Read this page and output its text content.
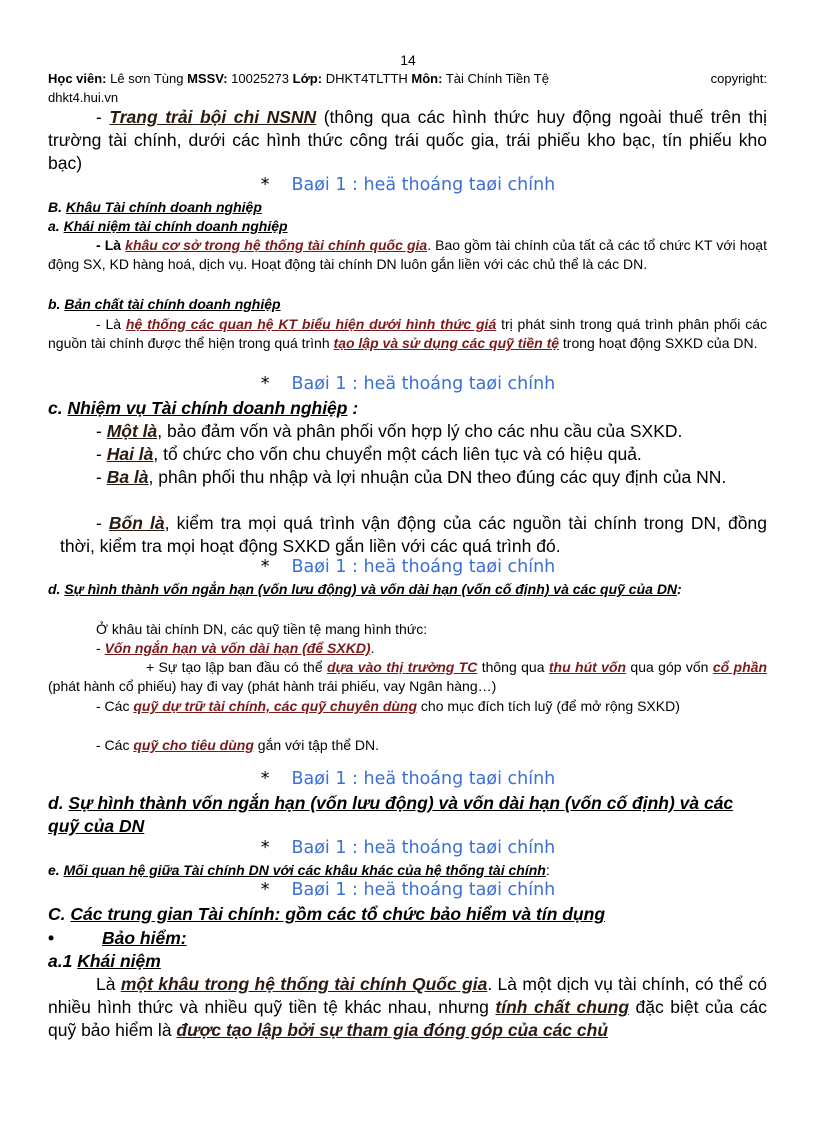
14
Học viên: Lê sơn Tùng MSSV: 10025273 Lớp: DHKT4TLTTH Môn: Tài Chính Tiền Tệ	copyright:

dhkt4.hui.vn
- Trang trải bội chi NSNN (thông qua các hình thức huy động ngoài thuế trên thị trường tài chính, dưới các hình thức công trái quốc gia, trái phiếu kho bạc, tín phiếu kho bạc)
* Baøi 1 : heä thoáng taøi chính
B. Khâu Tài chính doanh nghiệp
a. Khái niệm tài chính doanh nghiệp
- Là khâu cơ sở trong hệ thống tài chính quốc gia. Bao gồm tài chính của tất cả các tổ chức KT với hoạt động SX, KD hàng hoá, dịch vụ. Hoạt động tài chính DN luôn gắn liền với các chủ thể là các DN.
b. Bản chất tài chính doanh nghiệp
- Là hệ thống các quan hệ KT biểu hiện dưới hình thức giá trị phát sinh trong quá trình phân phối các nguồn tài chính được thể hiện trong quá trình tạo lập và sử dụng các quỹ tiền tệ trong hoạt động SXKD của DN.
* Baøi 1 : heä thoáng taøi chính
c. Nhiệm vụ Tài chính doanh nghiệp :
- Một là, bảo đảm vốn và phân phối vốn hợp lý cho các nhu cầu của SXKD.
- Hai là, tổ chức cho vốn chu chuyển một cách liên tục và có hiệu quả.
- Ba là, phân phối thu nhập và lợi nhuận của DN theo đúng các quy định của NN.
- Bốn là, kiểm tra mọi quá trình vận động của các nguồn tài chính trong DN, đồng thời, kiểm tra mọi hoạt động SXKD gắn liền với các quá trình đó.
* Baøi 1 : heä thoáng taøi chính
d. Sự hình thành vốn ngắn hạn (vốn lưu động) và vốn dài hạn (vốn cố định) và các quỹ của DN:
Ở khâu tài chính DN, các quỹ tiền tệ mang hình thức:
- Vốn ngắn hạn và vốn dài hạn (để SXKD).
+ Sự tạo lập ban đầu có thể dựa vào thị trường TC thông qua thu hút vốn qua góp vốn cổ phần (phát hành cổ phiếu) hay đi vay (phát hành trái phiếu, vay Ngân hàng…)
- Các quỹ dự trữ tài chính, các quỹ chuyên dùng cho mục đích tích luỹ (để mở rộng SXKD)
- Các quỹ cho tiêu dùng gắn với tập thể DN.
* Baøi 1 : heä thoáng taøi chính
d. Sự hình thành vốn ngắn hạn (vốn lưu động) và vốn dài hạn (vốn cố định) và các quỹ của DN
* Baøi 1 : heä thoáng taøi chính
e. Mối quan hệ giữa Tài chính DN với các khâu khác của hệ thống tài chính:
* Baøi 1 : heä thoáng taøi chính
C. Các trung gian Tài chính: gồm các tổ chức bảo hiểm và tín dụng
•	Bảo hiểm:
a.1 Khái niệm
Là một khâu trong hệ thống tài chính Quốc gia. Là một dịch vụ tài chính, có thể có nhiều hình thức và nhiều quỹ tiền tệ khác nhau, nhưng tính chất chung đặc biệt của các quỹ bảo hiểm là được tạo lập bởi sự tham gia đóng góp của các chủ
